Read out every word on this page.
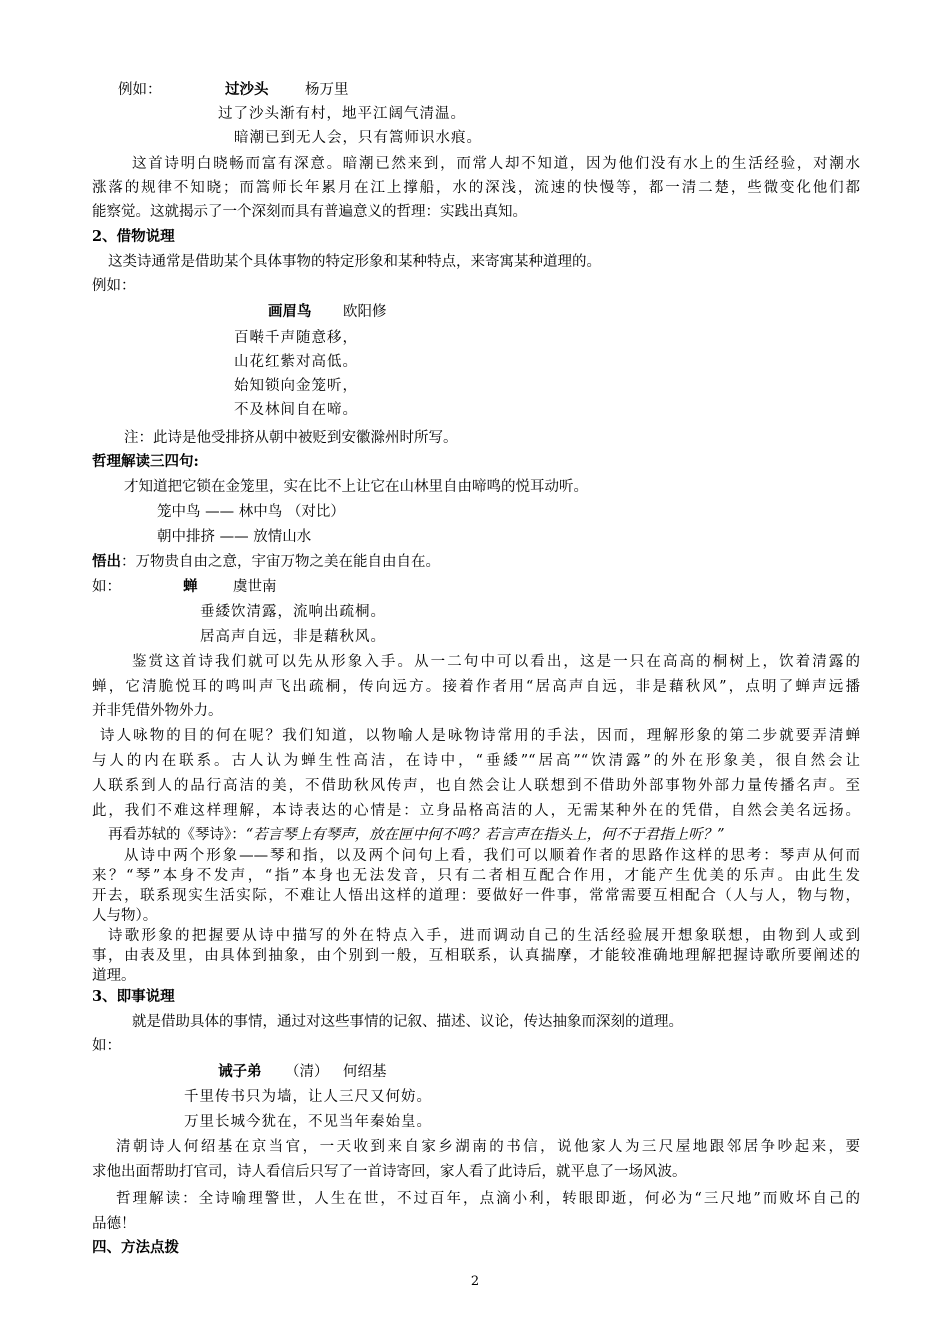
例如：	过沙头	杨万里
过了沙头渐有村，地平江阔气清温。
暗潮已到无人会，只有篙师识水痕。
这首诗明白晓畅而富有深意。暗潮已然来到，而常人却不知道，因为他们没有水上的生活经验，对潮水
涨落的规律不知晓；而篙师长年累月在江上撑船，水的深浅，流速的快慢等，都一清二楚，些微变化他们都
能察觉。这就揭示了一个深刻而具有普遍意义的哲理：实践出真知。
2、借物说理
这类诗通常是借助某个具体事物的特定形象和某种特点，来寄寓某种道理的。
例如：
画眉鸟 欧阳修
百啭千声随意移，
山花红紫对高低。
始知锁向金笼听，
不及林间自在啼。
注：此诗是他受排挤从朝中被贬到安徽滁州时所写。
哲理解读三四句:
才知道把它锁在金笼里，实在比不上让它在山林里自由啼鸣的悦耳动听。
笼中鸟 —— 林中鸟 （对比）
朝中排挤 —— 放情山水
悟出：万物贵自由之意，宇宙万物之美在能自由自在。
如：	蝉 虞世南
垂緌饮清露，流响出疏桐。
居高声自远，非是藉秋风。
鉴赏这首诗我们就可以先从形象入手。从一二句中可以看出，这是一只在高高的桐树上，饮着清露的
蝉，它清脆悦耳的鸣叫声飞出疏桐，传向远方。接着作者用“居高声自远，非是藉秋风”，点明了蝉声远播
并非凭借外物外力。
诗人咏物的目的何在呢？我们知道，以物喻人是咏物诗常用的手法，因而，理解形象的第二步就要弄清蝉
与人的内在联系。古人认为蝉生性高洁，在诗中，“垂緌”“居高”“饮清露”的外在形象美，很自然会让
人联系到人的品行高洁的美，不借助秋风传声，也自然会让人联想到不借助外部事物外部力量传播名声。至
此，我们不难这样理解，本诗表达的心情是：立身品格高洁的人，无需某种外在的凭借，自然会美名远扬。
再看苏轼的《琴诗》：“若言琴上有琴声，放在匣中何不鸣？若言声在指头上，何不于君指上听？”
从诗中两个形象——琴和指，以及两个问句上看，我们可以顺着作者的思路作这样的思考：琴声从何而
来？“琴”本身不发声，“指”本身也无法发音，只有二者相互配合作用，才能产生优美的乐声。由此生发
开去，联系现实生活实际，不难让人悟出这样的道理：要做好一件事，常常需要互相配合（人与人，物与物，
人与物）。
诗歌形象的把握要从诗中描写的外在特点入手，进而调动自己的生活经验展开想象联想，由物到人或到
事，由表及里，由具体到抽象，由个别到一般，互相联系，认真揣摩，才能较准确地理解把握诗歌所要阐述的
道理。
3、即事说理
就是借助具体的事情，通过对这些事情的记叙、描述、议论，传达抽象而深刻的道理。
如：
诫子弟 （清） 何绍基
千里传书只为墙，让人三尺又何妨。
万里长城今犹在，不见当年秦始皇。
清朝诗人何绍基在京当官，一天收到来自家乡湖南的书信，说他家人为三尺屋地跟邻居争吵起来，要
求他出面帮助打官司，诗人看信后只写了一首诗寄回，家人看了此诗后，就平息了一场风波。
哲理解读：全诗喻理警世，人生在世，不过百年，点滴小利，转眼即逝，何必为“三尺地”而败坏自己的
品德！
四、方法点拨
2
